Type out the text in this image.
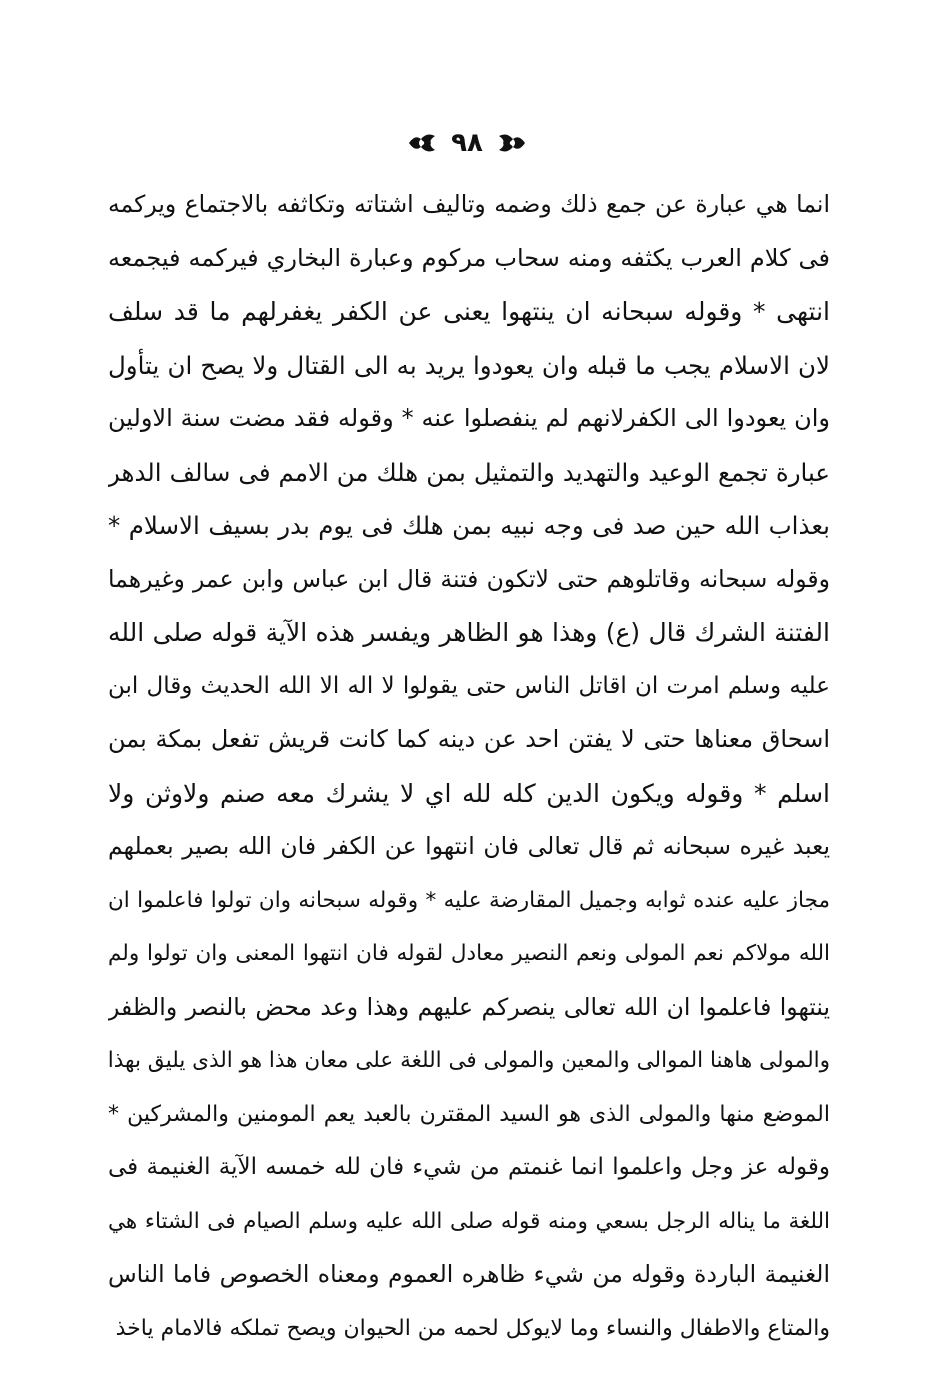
٩٨
انما هي عبارة عن جمع ذلك وضمه وتاليف اشتاته وتكاثفه بالاجتماع ويركمه
فى كلام العرب يكثفه ومنه سحاب مركوم وعبارة البخاري فيركمه فيجمعه
انتهى * وقوله سبحانه ان ينتهوا يعنى عن الكفر يغفرلهم ما قد سلف
لان الاسلام يجب ما قبله وان يعودوا يريد به الى القتال ولا يصح ان يتأول
وان يعودوا الى الكفرلانهم لم ينفصلوا عنه * وقوله فقد مضت سنة الاولين
عبارة تجمع الوعيد والتهديد والتمثيل بمن هلك من الامم فى سالف الدهر
بعذاب الله حين صد فى وجه نبيه بمن هلك فى يوم بدر بسيف الاسلام *
وقوله سبحانه وقاتلوهم حتى لاتكون فتنة قال ابن عباس وابن عمر وغيرهما
الفتنة الشرك قال (ع) وهذا هو الظاهر ويفسر هذه الآية قوله صلى الله
عليه وسلم امرت ان اقاتل الناس حتى يقولوا لا اله الا الله الحديث وقال ابن
اسحاق معناها حتى لا يفتن احد عن دينه كما كانت قريش تفعل بمكة بمن
اسلم * وقوله ويكون الدين كله لله اي لا يشرك معه صنم ولاوثن ولا
يعبد غيره سبحانه ثم قال تعالى فان انتهوا عن الكفر فان الله بصير بعملهم
مجاز عليه عنده ثوابه وجميل المقارضة عليه * وقوله سبحانه وان تولوا فاعلموا ان
الله مولاكم نعم المولى ونعم النصير معادل لقوله فان انتهوا المعنى وان تولوا ولم
ينتهوا فاعلموا ان الله تعالى ينصركم عليهم وهذا وعد محض بالنصر والظفر
والمولى هاهنا الموالى والمعين والمولى فى اللغة على معان هذا هو الذى يليق بهذا
الموضع منها والمولى الذى هو السيد المقترن بالعبد يعم المومنين والمشركين *
وقوله عز وجل واعلموا انما غنمتم من شيء فان لله خمسه الآية الغنيمة فى
اللغة ما يناله الرجل بسعي ومنه قوله صلى الله عليه وسلم الصيام فى الشتاء هي
الغنيمة الباردة وقوله من شيء ظاهره العموم ومعناه الخصوص فاما الناس
والمتاع والاطفال والنساء وما لايوكل لحمه من الحيوان ويصح تملكه فالامام ياخذ
